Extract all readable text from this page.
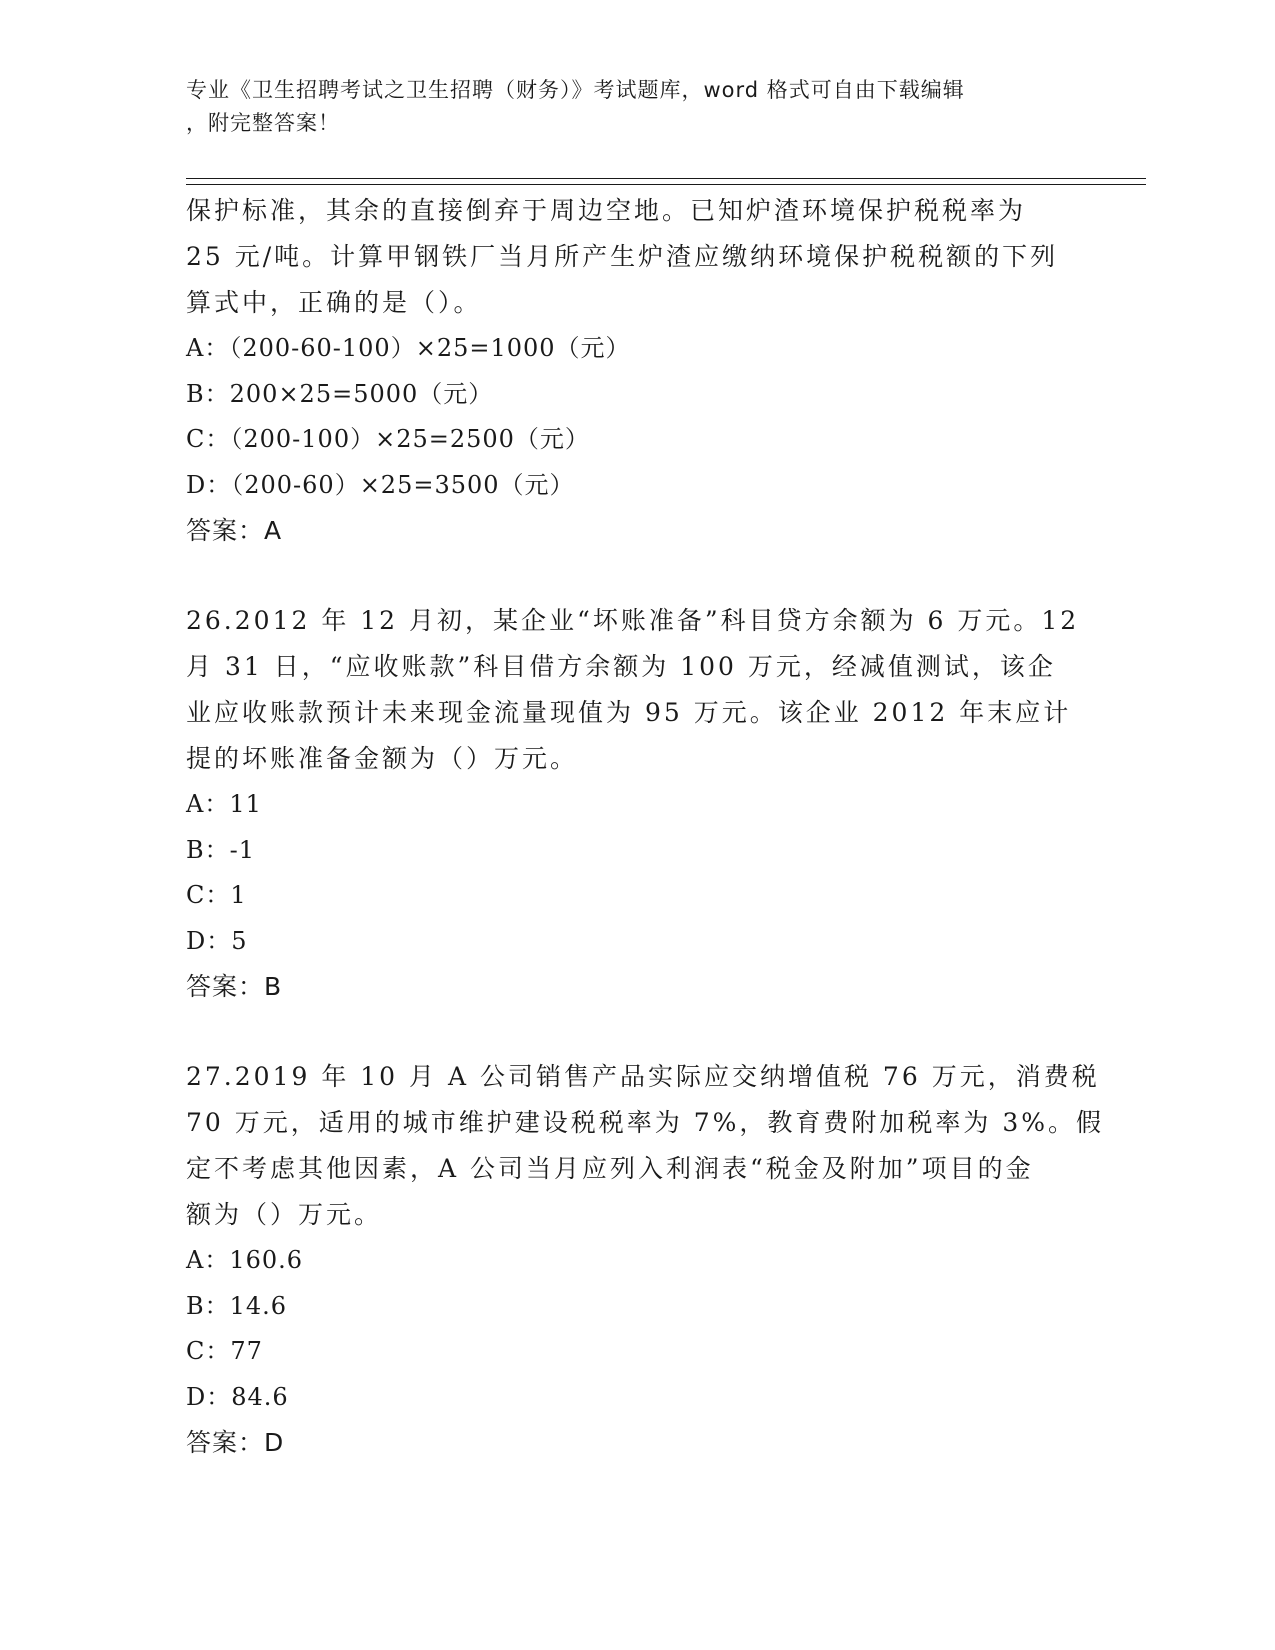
专业《卫生招聘考试之卫生招聘（财务）》考试题库，word 格式可自由下载编辑
，附完整答案！

保护标准，其余的直接倒弃于周边空地。已知炉渣环境保护税税率为
25 元/吨。计算甲钢铁厂当月所产生炉渣应缴纳环境保护税税额的下列
算式中，正确的是（）。

A：（200-60-100）×25=1000（元）
B：200×25=5000（元）
C：（200-100）×25=2500（元）
D：（200-60）×25=3500（元）
答案：A

26.2012 年 12 月初，某企业“坏账准备”科目贷方余额为 6 万元。12
月 31 日，“应收账款”科目借方余额为 100 万元，经减值测试，该企
业应收账款预计未来现金流量现值为 95 万元。该企业 2012 年末应计
提的坏账准备金额为（）万元。

A：11
B：-1
C：1
D：5
答案：B

27.2019 年 10 月 A 公司销售产品实际应交纳增值税 76 万元，消费税
70 万元，适用的城市维护建设税税率为 7%，教育费附加税率为 3%。假
定不考虑其他因素，A 公司当月应列入利润表“税金及附加”项目的金
额为（）万元。

A：160.6
B：14.6
C：77
D：84.6
答案：D
